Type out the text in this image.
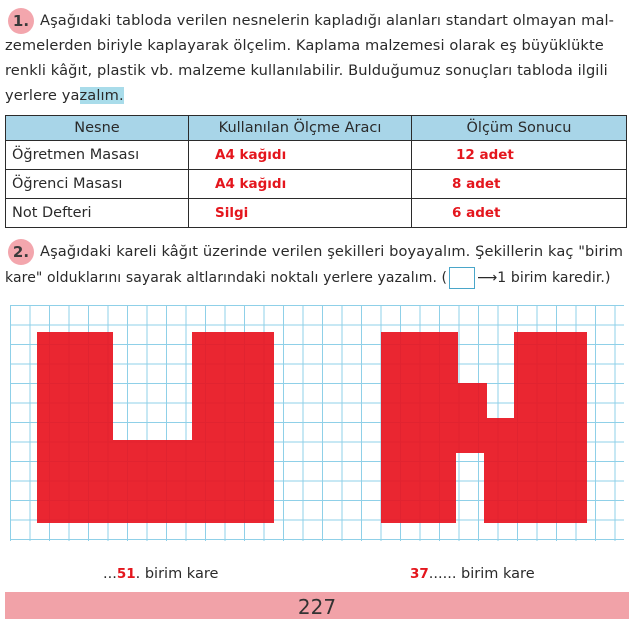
1. Aşağıdaki tabloda verilen nesnelerin kapladığı alanları standart olmayan mal-
zemelerden biriyle kaplayarak ölçelim. Kaplama malzemesi olarak eş büyüklükte
renkli kâğıt, plastik vb. malzeme kullanılabilir. Bulduğumuz sonuçları tabloda ilgili
yerlere yazalım.
Nesne	Kullanılan Ölçme Aracı	Ölçüm Sonucu
Öğretmen Masası	A4 kağıdı	12 adet
Öğrenci Masası	A4 kağıdı	8 adet
Not Defteri	Silgi	6 adet
2. Aşağıdaki kareli kâğıt üzerinde verilen şekilleri boyayalım. Şekillerin kaç "birim
kare" olduklarını sayarak altlarındaki noktalı yerlere yazalım. ( ⟶1 birim karedir.)
...51. birim kare	37...... birim kare
227
